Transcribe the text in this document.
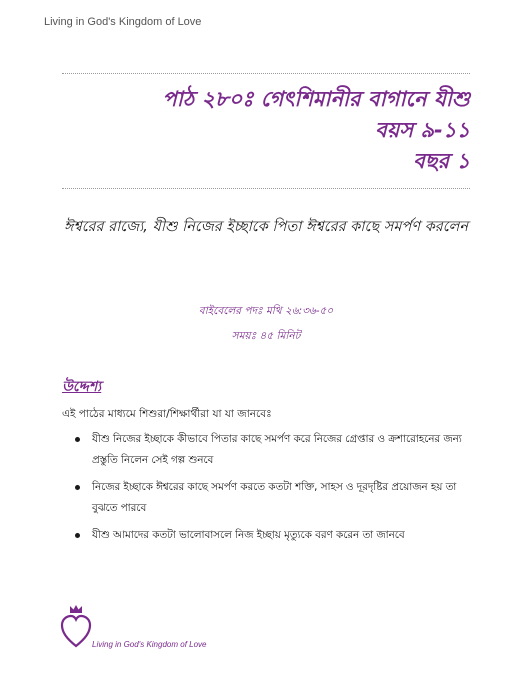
Living in God's Kingdom of Love
পাঠ ২৮০ঃ গেৎশিমানীর বাগানে যীশু
বয়স ৯-১১
বছর ১
ঈশ্বরের রাজ্যে, যীশু নিজের ইচ্ছাকে পিতা ঈশ্বরের কাছে সমর্পণ করলেন
বাইবেলের পদঃ মথি ২৬:৩৬-৫০
সময়ঃ ৪৫ মিনিট
উদ্দেশ্য
এই পাঠের মাধ্যমে শিশুরা/শিক্ষার্থীরা যা যা জানবেঃ
যীশু নিজের ইচ্ছাকে কীভাবে পিতার কাছে সমর্পণ করে নিজের গ্রেপ্তার ও ক্রশারোহনের জন্য প্রস্তুতি নিলেন সেই গল্প শুনবে
নিজের ইচ্ছাকে ঈশ্বরের কাছে সমর্পণ করতে কতটা শক্তি, সাহস ও দূরদৃষ্টির প্রয়োজন হয় তা বুঝতে পারবে
যীশু আমাদের কতটা ভালোবাসলে নিজ ইচ্ছায় মৃত্যুকে বরণ করেন তা জানবে
Living in God's Kingdom of Love
